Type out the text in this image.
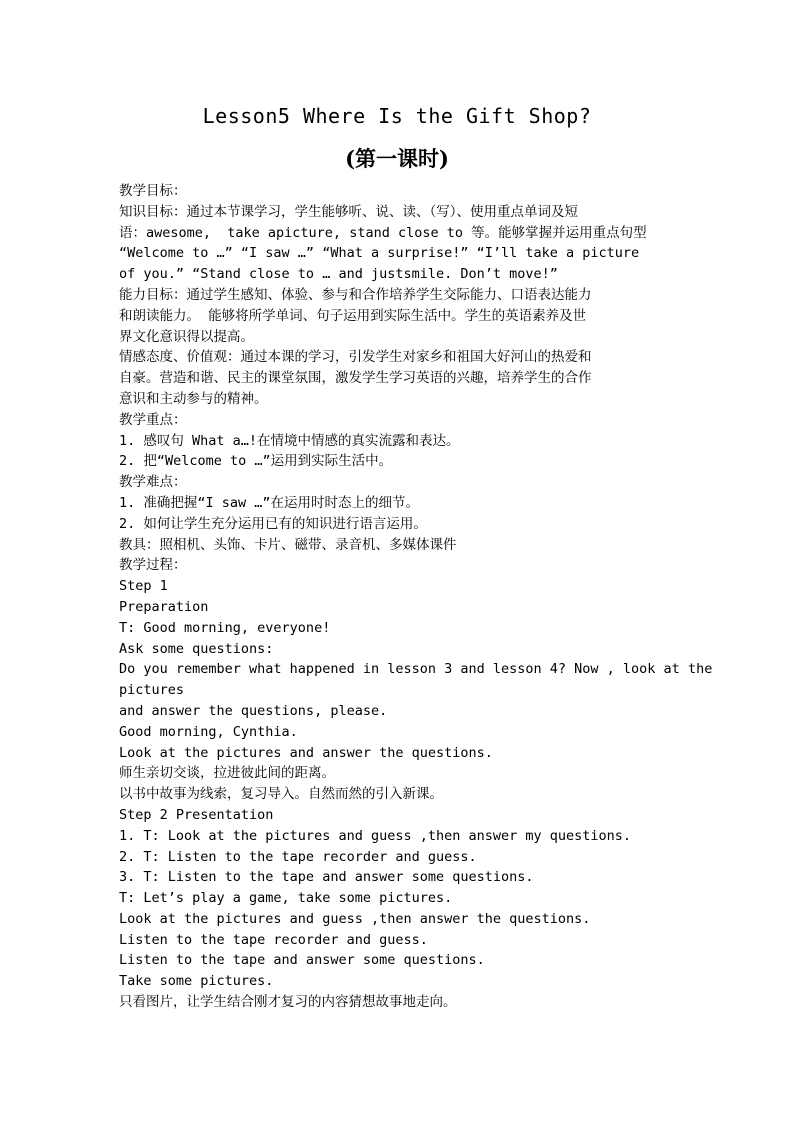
Lesson5 Where Is the Gift Shop?
(第一课时)
教学目标：
知识目标：通过本节课学习，学生能够听、说、读、（写）、使用重点单词及短
语：awesome,  take apicture, stand close to 等。能够掌握并运用重点句型
“Welcome to …” “I saw …” “What a surprise!” “I’ll take a picture
of you.” “Stand close to … and justsmile. Don’t move!”
能力目标：通过学生感知、体验、参与和合作培养学生交际能力、口语表达能力
和朗读能力。 能够将所学单词、句子运用到实际生活中。学生的英语素养及世
界文化意识得以提高。
情感态度、价值观：通过本课的学习，引发学生对家乡和祖国大好河山的热爱和
自豪。营造和谐、民主的课堂氛围，激发学生学习英语的兴趣，培养学生的合作
意识和主动参与的精神。
教学重点：
1. 感叹句 What a…!在情境中情感的真实流露和表达。
2. 把“Welcome to …”运用到实际生活中。
教学难点：
1. 准确把握“I saw …”在运用时时态上的细节。
2. 如何让学生充分运用已有的知识进行语言运用。
教具：照相机、头饰、卡片、磁带、录音机、多媒体课件
教学过程：
Step 1
Preparation
T: Good morning, everyone!
Ask some questions:
Do you remember what happened in lesson 3 and lesson 4? Now , look at the
pictures
and answer the questions, please.
Good morning, Cynthia.
Look at the pictures and answer the questions.
师生亲切交谈，拉进彼此间的距离。
以书中故事为线索，复习导入。自然而然的引入新课。
Step 2 Presentation
1. T: Look at the pictures and guess ,then answer my questions.
2. T: Listen to the tape recorder and guess.
3. T: Listen to the tape and answer some questions.
T: Let’s play a game, take some pictures.
Look at the pictures and guess ,then answer the questions.
Listen to the tape recorder and guess.
Listen to the tape and answer some questions.
Take some pictures.
只看图片，让学生结合刚才复习的内容猜想故事地走向。
